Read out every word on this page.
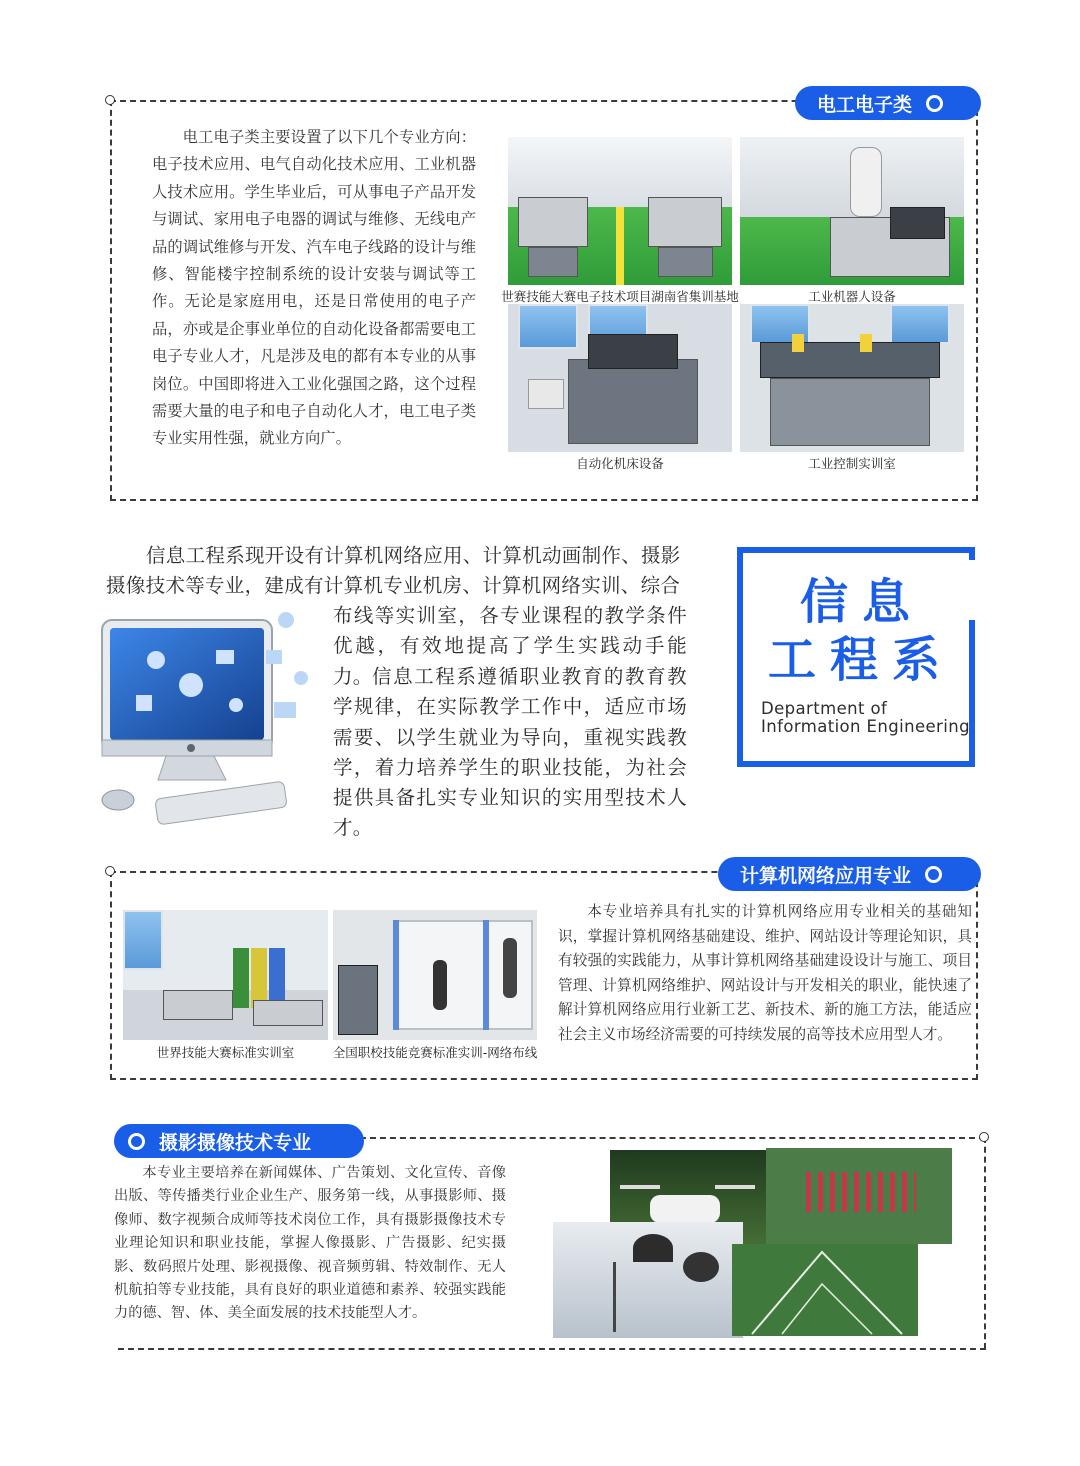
电工电子类

电工电子类主要设置了以下几个专业方向：电子技术应用、电气自动化技术应用、工业机器人技术应用。学生毕业后，可从事电子产品开发与调试、家用电子电器的调试与维修、无线电产品的调试维修与开发、汽车电子线路的设计与维修、智能楼宇控制系统的设计安装与调试等工作。无论是家庭用电，还是日常使用的电子产品，亦或是企事业单位的自动化设备都需要电工电子专业人才，凡是涉及电的都有本专业的从事岗位。中国即将进入工业化强国之路，这个过程需要大量的电子和电子自动化人才，电工电子类专业实用性强，就业方向广。

世赛技能大赛电子技术项目湖南省集训基地	工业机器人设备
自动化机床设备	工业控制实训室
信息工程系现开设有计算机网络应用、计算机动画制作、摄影
摄像技术等专业，建成有计算机专业机房、计算机网络实训、综合
布线等实训室，各专业课程的教学条件优越，有效地提高了学生实践动手能力。 信息工程系遵循职业教育的教育教学规律，在实际教学工作中，适应市场需要、以学生就业为导向，重视实践教学，着力培养学生的职业技能，为社会提供具备扎实专业知识的实用型技术人才。

信息
工程系
Department of
Information Engineering
计算机网络应用专业
世界技能大赛标准实训室	全国职校技能竞赛标准实训-网络布线

本专业培养具有扎实的计算机网络应用专业相关的基础知识，掌握计算机网络基础建设、维护、网站设计等理论知识，具有较强的实践能力，从事计算机网络基础建设设计与施工、项目管理、计算机网络维护、网站设计与开发相关的职业，能快速了解计算机网络应用行业新工艺、新技术、新的施工方法，能适应社会主义市场经济需要的可持续发展的高等技术应用型人才。

摄影摄像技术专业

本专业主要培养在新闻媒体、广告策划、文化宣传、音像出版、等传播类行业企业生产、服务第一线，从事摄影师、摄像师、数字视频合成师等技术岗位工作，具有摄影摄像技术专业理论知识和职业技能，掌握人像摄影、广告摄影、纪实摄影、数码照片处理、影视摄像、视音频剪辑、特效制作、无人机航拍等专业技能，具有良好的职业道德和素养、较强实践能力的德、智、体、美全面发展的技术技能型人才。
